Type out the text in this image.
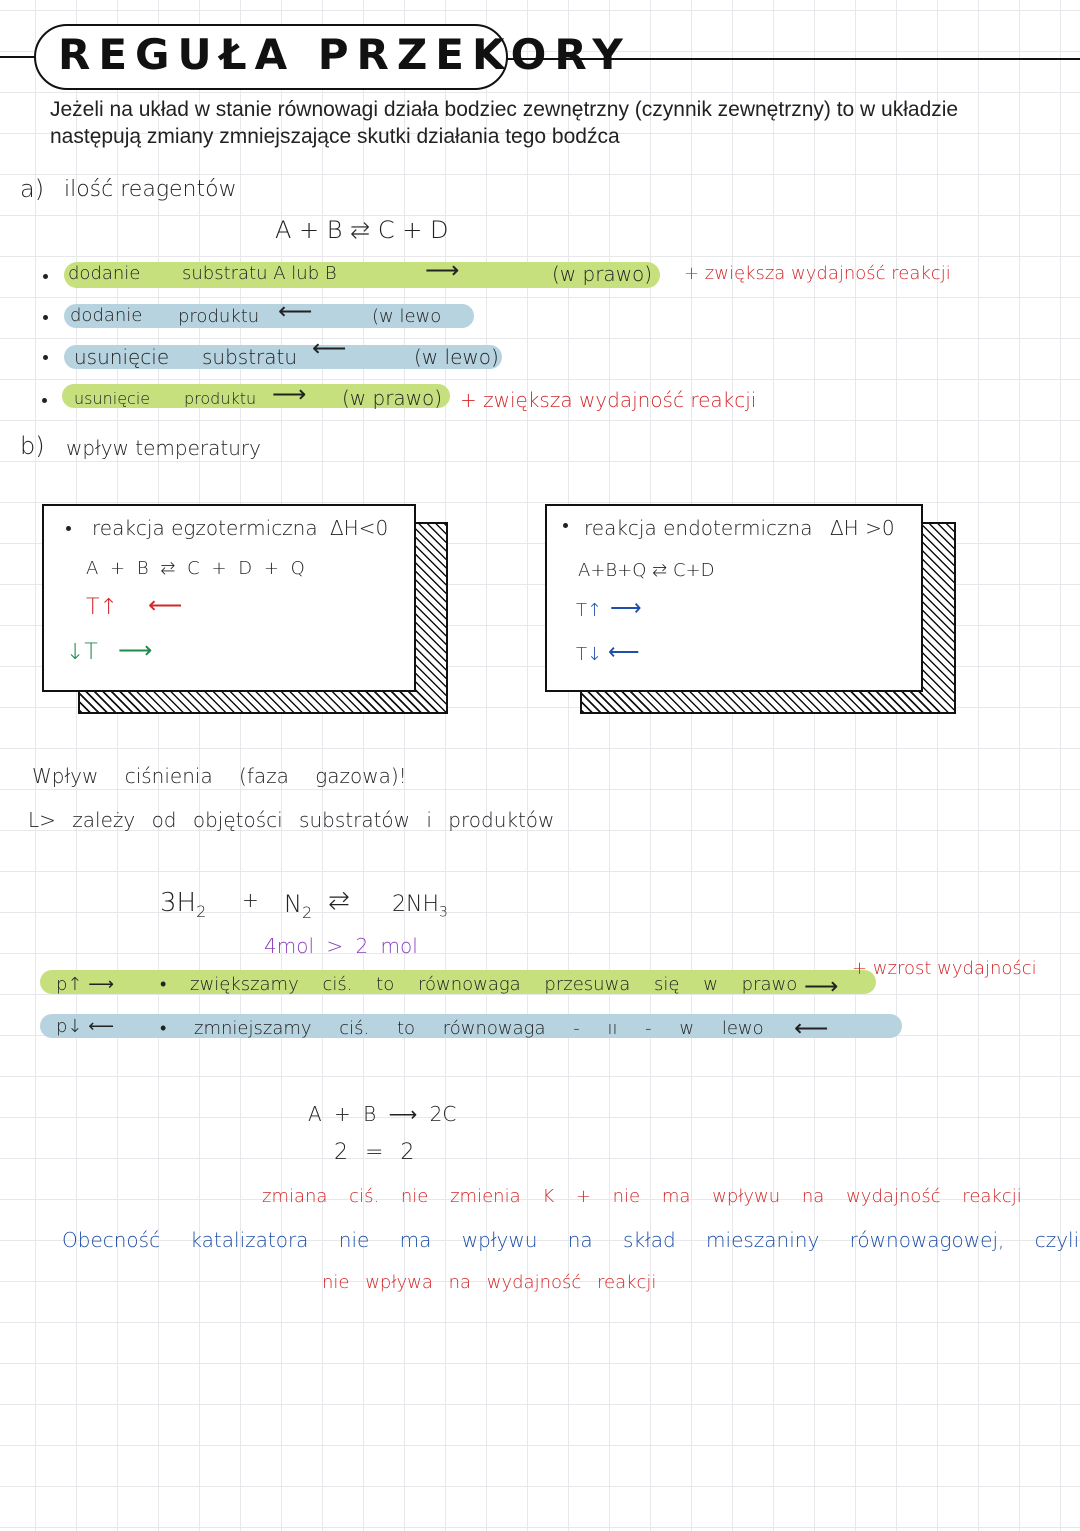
REGUŁA PRZEKORY
Jeżeli na układ w stanie równowagi działa bodziec zewnętrzny (czynnik zewnętrzny) to w układzie następują zmiany zmniejszające skutki działania tego bodźca
a) ilość reagentów
A + B ⇄ C + D
dodanie substratu A lub B	⟶	(w prawo) + zwiększa wydajność reakcji
dodanie produktu ⟵	(w lewo
usunięcie substratu ⟵	(w lewo)
usunięcie produktu ⟶ (w prawo) + zwiększa wydajność reakcji
b) wpływ temperatury
reakcja egzotermiczna ΔH<0
A + B ⇄ C + D + Q
T↑ ⟵
↓T ⟶
reakcja endotermiczna ΔH >0
A+B+Q ⇄ C+D
T↑ ⟶
T↓ ⟵
Wpływ ciśnienia (faza gazowa)!
L> zależy od objętości substratów i produktów
$3H_2 + N_2$ ⇄ $2NH_3$
4mol > 2 mol
p↑ ⟶	• zwiększamy ciś. to równowaga przesuwa się w prawo ⟶
+ wzrost wydajności
p↓ ⟵	• zmniejszamy ciś. to równowaga - ıı - w lewo ⟵
A + B ⟶ 2C
2 = 2
zmiana ciś. nie zmienia K + nie ma wpływu na wydajność reakcji
Obecność katalizatora nie ma wpływu na skład mieszaniny równowagowej, czyli
nie wpływa na wydajność reakcji
